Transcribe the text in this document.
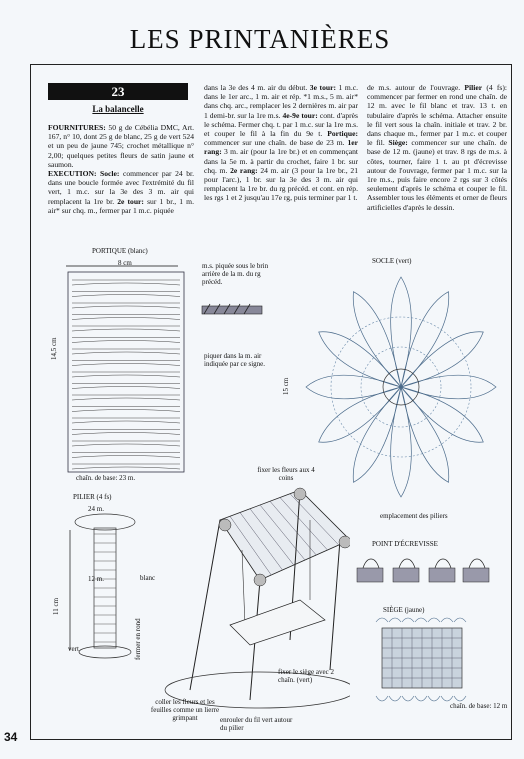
LES PRINTANIÈRES
23
La balancelle
FOURNITURES: 50 g de Cébélia DMC, Art. 167, n° 10, dont 25 g de blanc, 25 g de vert 524 et un peu de jaune 745; crochet métallique n° 2,00; quelques petites fleurs de satin jaune et saumon.
EXECUTION: Socle: commencer par 24 br. dans une boucle formée avec l'extrémité du fil vert, 1 m.c. sur la 3e des 3 m. air qui remplacent la 1re br. 2e tour: sur 1 br., 1 m. air* sur chq. m., fermer par 1 m.c. piquée
dans la 3e des 4 m. air du début. 3e tour: 1 m.c. dans le 1er arc., 1 m. air et rép. *1 m.s., 5 m. air* dans chq. arc., remplacer les 2 dernières m. air par 1 demi-br. sur la 1re m.s. 4e-9e tour: cont. d'après le schéma. Fermer chq. t. par 1 m.c. sur la 1re m.s. et couper le fil à la fin du 9e t. Portique: commencer sur une chaîn. de base de 23 m. 1er rang: 3 m. air (pour la 1re br.) et en commençant dans la 5e m. à partir du crochet, faire 1 br. sur chq. m. 2e rang: 24 m. air (3 pour la 1re br., 21 pour l'arc.), 1 br. sur la 3e des 3 m. air qui remplacent la 1re br. du rg précéd. et cont. en rép. les rgs 1 et 2 jusqu'au 17e rg, puis terminer par 1 t.
de m.s. autour de l'ouvrage. Pilier (4 fs): commencer par fermer en rond une chaîn. de 12 m. avec le fil blanc et trav. 13 t. en tubulaire d'après le schéma. Attacher ensuite le fil vert sous la chaîn. initiale et trav. 2 br. dans chaque m., fermer par 1 m.c. et couper le fil. Siège: commencer sur une chaîn. de base de 12 m. (jaune) et trav. 8 rgs de m.s. à côtes, tourner, faire 1 t. au pt d'écrevisse autour de l'ouvrage, fermer par 1 m.c. sur la 1re m.s., puis faire encore 2 rgs sur 3 côtés seulement d'après le schéma et couper le fil. Assembler tous les éléments et orner de fleurs artificielles d'après le dessin.
PORTIQUE (blanc)
8 cm
14,5 cm
chaîn. de base: 23 m.
m.s. piquée sous le brin arrière de la m. du rg précéd.
piquer dans la m. air indiquée par ce signe.
SOCLE (vert)
15 cm
emplacement des piliers
fixer les fleurs aux 4 coins
PILIER (4 fs)
24 m.
12 m.
11 cm
blanc
vert	fermer en rond
coller les fleurs et les feuilles comme un lierre grimpant	enrouler du fil vert autour du pilier
fixer le siège avec 2 chaîn. (vert)
POINT D'ÉCREVISSE
SIÈGE (jaune)
chaîn. de base: 12 m
34
